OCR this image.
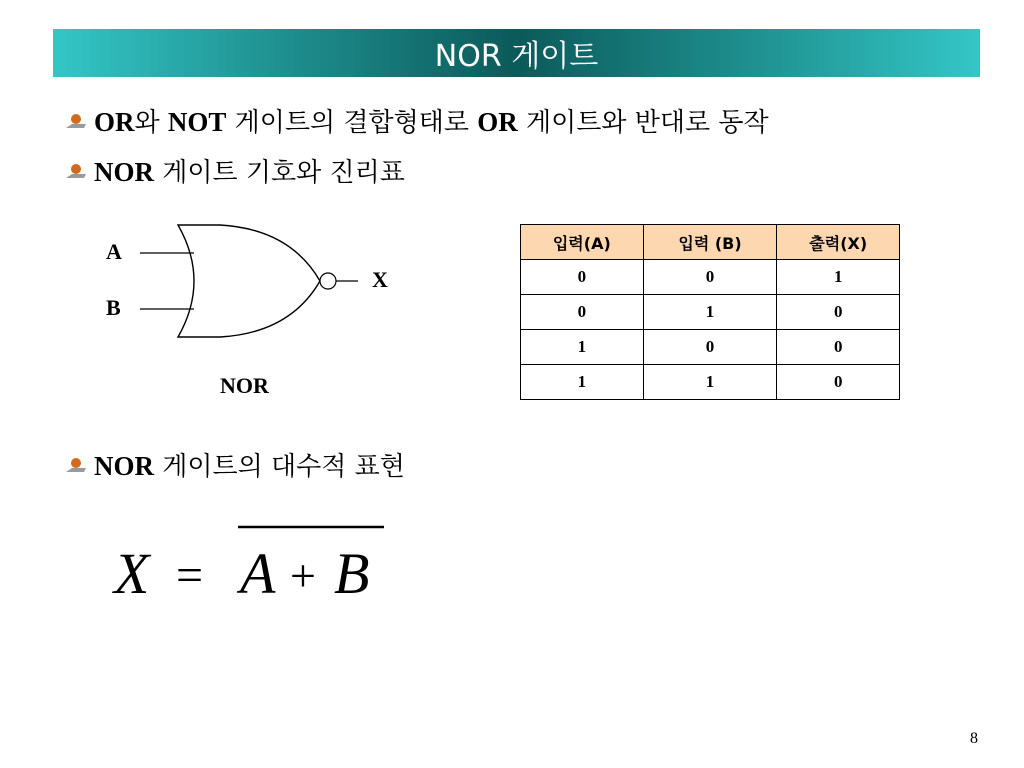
NOR 게이트
OR와 NOT 게이트의 결합형태로 OR 게이트와 반대로 동작
NOR 게이트 기호와 진리표
A
B
X
NOR
입력(A)	입력 (B)	출력(X)
0	0	1
0	1	0
1	0	0
1	1	0
NOR 게이트의 대수적 표현
X = A + B
8
